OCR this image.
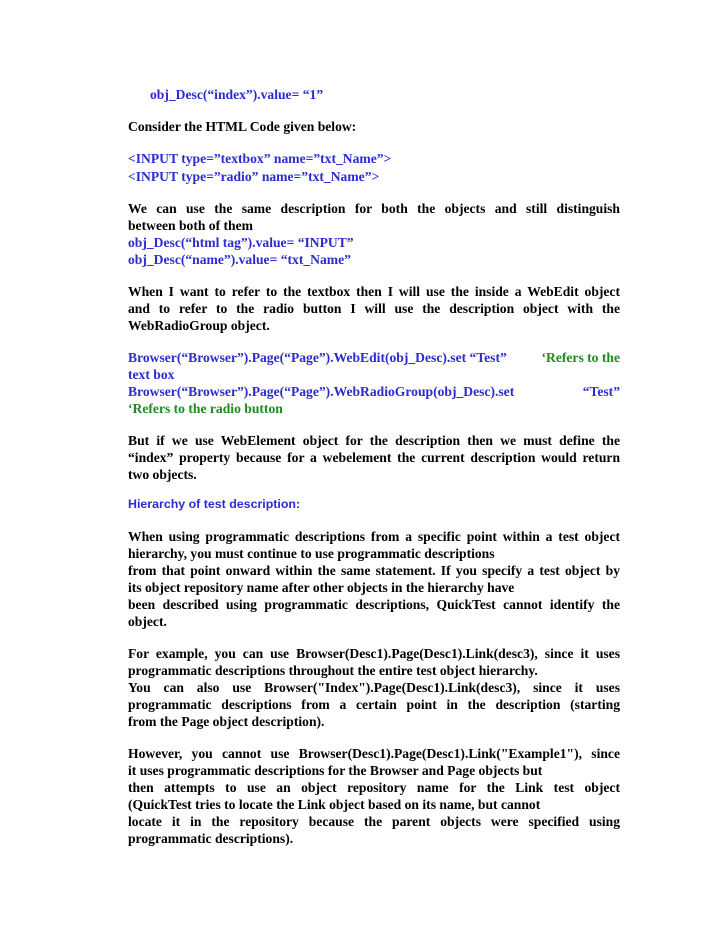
obj_Desc(“index”).value= “1”
Consider the HTML Code given below:
<INPUT type=”textbox” name=”txt_Name”>
<INPUT type=”radio” name=”txt_Name”>
We can use the same description for both the objects and still distinguish
between both of them
obj_Desc(“html tag”).value= “INPUT”
obj_Desc(“name”).value= “txt_Name”
When I want to refer to the textbox then I will use the inside a WebEdit object
and to refer to the radio button I will use the description object with the
WebRadioGroup object.
Browser(“Browser”).Page(“Page”).WebEdit(obj_Desc).set “Test”	‘Refers to the
text box
Browser(“Browser”).Page(“Page”).WebRadioGroup(obj_Desc).set	“Test”
‘Refers to the radio button
But if we use WebElement object for the description then we must define the
“index” property because for a webelement the current description would return
two objects.
Hierarchy of test description:
When using programmatic descriptions from a specific point within a test object
hierarchy, you must continue to use programmatic descriptions
from that point onward within the same statement. If you specify a test object by
its object repository name after other objects in the hierarchy have
been described using programmatic descriptions, QuickTest cannot identify the
object.
For example, you can use Browser(Desc1).Page(Desc1).Link(desc3), since it uses
programmatic descriptions throughout the entire test object hierarchy.
You can also use Browser("Index").Page(Desc1).Link(desc3), since it uses
programmatic descriptions from a certain point in the description (starting
from the Page object description).
However, you cannot use Browser(Desc1).Page(Desc1).Link("Example1"), since
it uses programmatic descriptions for the Browser and Page objects but
then attempts to use an object repository name for the Link test object
(QuickTest tries to locate the Link object based on its name, but cannot
locate it in the repository because the parent objects were specified using
programmatic descriptions).
